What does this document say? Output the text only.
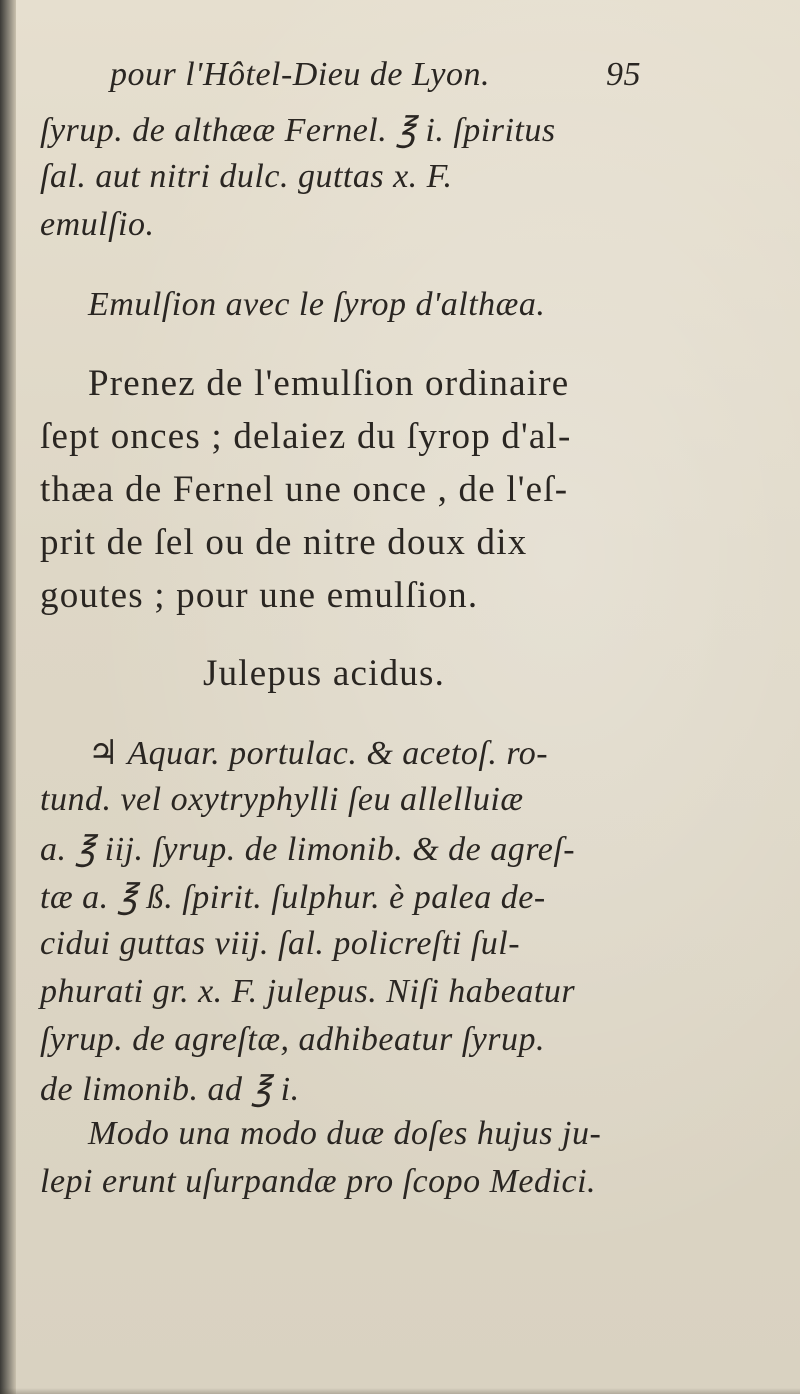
pour l'Hôtel-Dieu de Lyon.	95
ſyrup. de althææ Fernel. ℥ i. ſpiritus
ſal. aut nitri dulc. guttas x. F.
emulſio.
Emulſion avec le ſyrop d'althæa.
Prenez de l'emulſion ordinaire
ſept onces ; delaiez du ſyrop d'al-
thæa de Fernel une once , de l'eſ-
prit de ſel ou de nitre doux dix
goutes ; pour une emulſion.
Julepus acidus.
♃ Aquar. portulac. & acetoſ. ro-
tund. vel oxytryphylli ſeu allelluiæ
a. ℥ iij. ſyrup. de limonib. & de agreſ-
tæ a. ℥ ß. ſpirit. ſulphur. è palea de-
cidui guttas viij. ſal. policreſti ſul-
phurati gr. x. F. julepus. Niſi habeatur
ſyrup. de agreſtæ, adhibeatur ſyrup.
de limonib. ad ℥ i.
Modo una modo duæ doſes hujus ju-
lepi erunt uſurpandæ pro ſcopo Medici.
